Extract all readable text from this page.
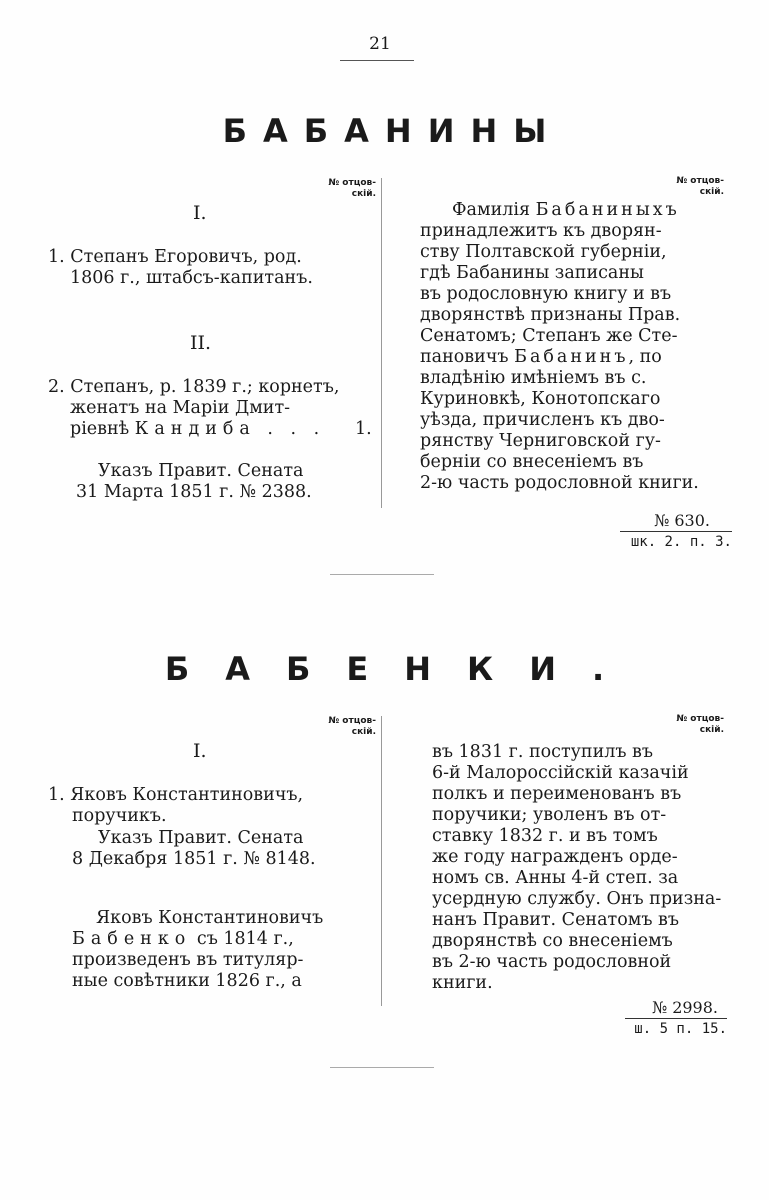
21
БАБАНИНЫ
№ отцов-
скій.
№ отцов-
скій.
I.
1. Степанъ Егоровичъ, род.
1806 г., штабсъ-капитанъ.
II.
2. Степанъ, р. 1839 г.; корнетъ,
женатъ на Маріи Дмит-
ріевнѣ Кандиба . . .	1.
Указъ Правит. Сената
31 Марта 1851 г. № 2388.
Фамилія Бабаниныхъ
принадлежитъ къ дворян-
ству Полтавской губерніи,
гдѣ Бабанины записаны
въ родословную книгу и въ
дворянствѣ признаны Прав.
Сенатомъ; Степанъ же Сте-
пановичъ Бабанинъ, по
владѣнію имѣніемъ въ с.
Куриновкѣ, Конотопскаго
уѣзда, причисленъ къ дво-
рянству Черниговской гу-
берніи со внесеніемъ въ
2-ю часть родословной книги.
№ 630.
шк. 2. п. 3.
БАБЕНКИ.
№ отцов-
скій.
№ отцов-
скій.
I.
1. Яковъ Константиновичъ,
поручикъ.
Указъ Правит. Сената
8 Декабря 1851 г. № 8148.
Яковъ Константиновичъ
Бабенко съ 1814 г.,
произведенъ въ титуляр-
ные совѣтники 1826 г., а
въ 1831 г. поступилъ въ
6-й Малороссійскій казачій
полкъ и переименованъ въ
поручики; уволенъ въ от-
ставку 1832 г. и въ томъ
же году награжденъ орде-
номъ св. Анны 4-й степ. за
усердную службу. Онъ призна-
нанъ Правит. Сенатомъ въ
дворянствѣ со внесеніемъ
въ 2-ю часть родословной
книги.
№ 2998.
ш. 5 п. 15.
